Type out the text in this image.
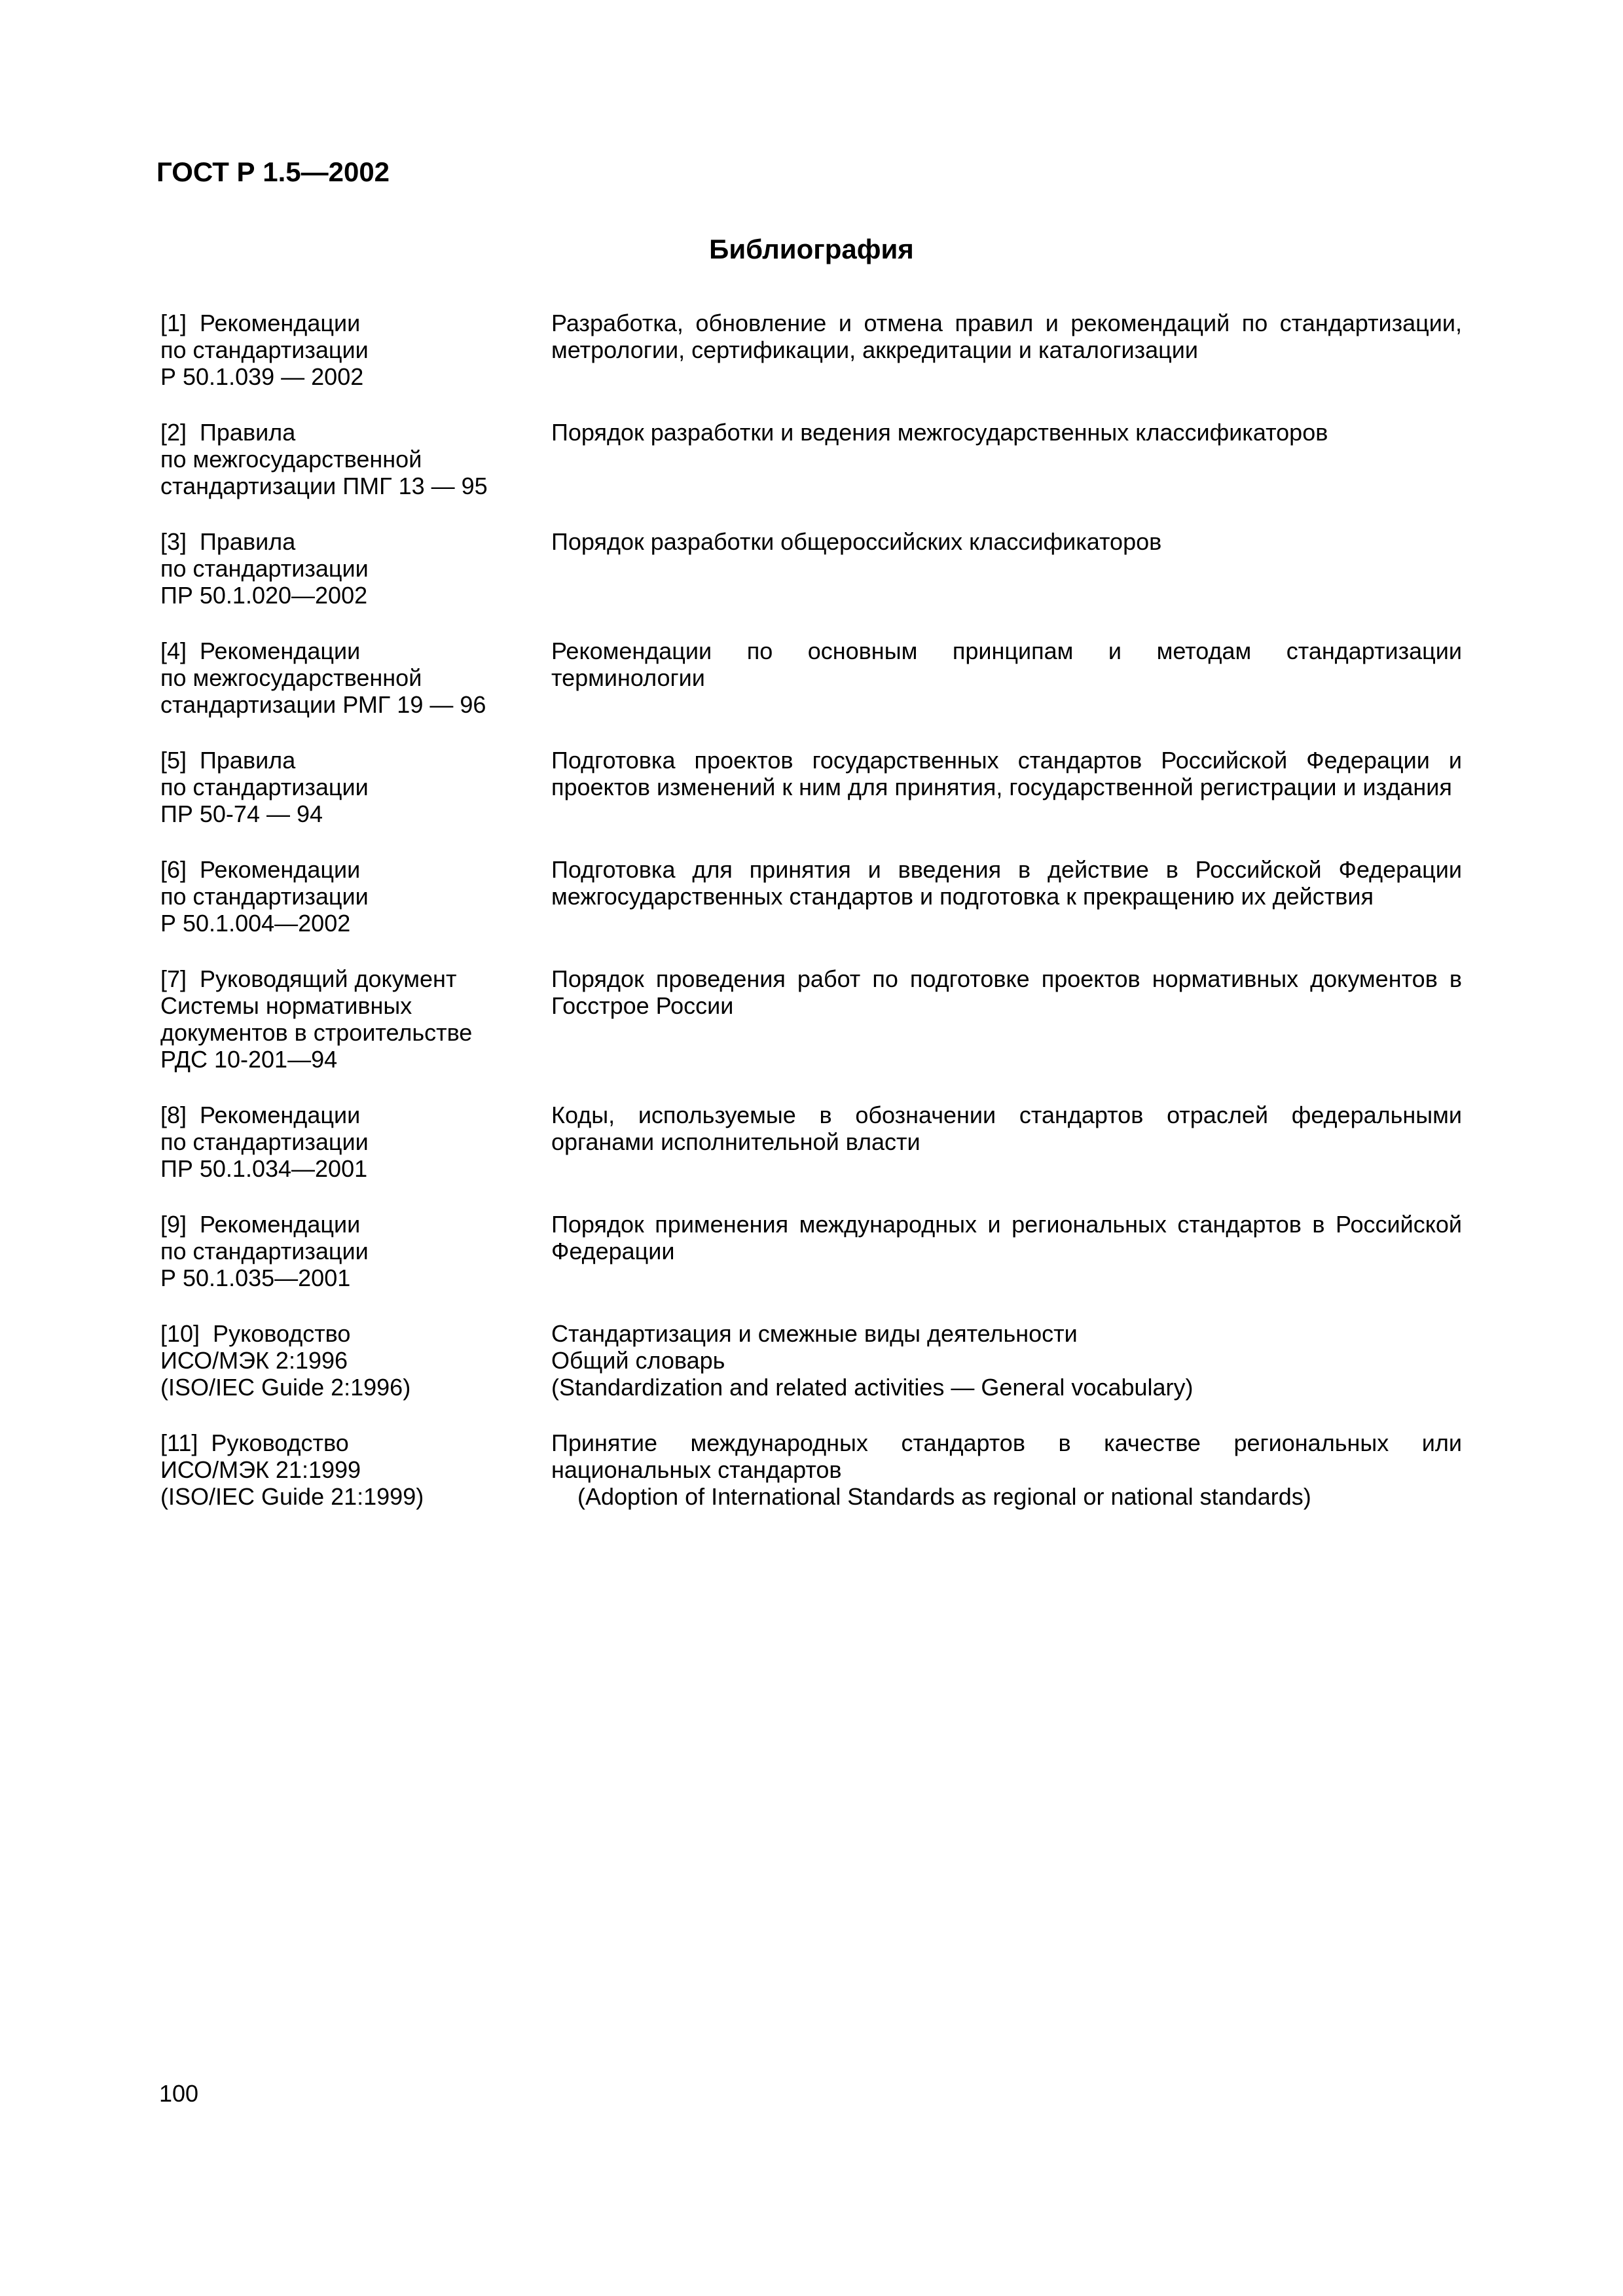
ГОСТ Р 1.5—2002
Библиография
[1]  Рекомендации
по стандартизации
Р 50.1.039 — 2002
Разработка, обновление и отмена правил и рекомендаций по стандартизации,
метрологии, сертификации, аккредитации и каталогизации
[2]  Правила
по межгосударственной
стандартизации ПМГ 13 — 95
Порядок разработки и ведения межгосударственных классификаторов
[3]  Правила
по стандартизации
ПР 50.1.020—2002
Порядок разработки общероссийских классификаторов
[4]  Рекомендации
по межгосударственной
стандартизации РМГ 19 — 96
Рекомендации по основным принципам и методам стандартизации
терминологии
[5]  Правила
по стандартизации
ПР 50-74 — 94
Подготовка проектов государственных стандартов Российской Федерации и
проектов изменений к ним для принятия, государственной регистрации и издания
[6]  Рекомендации
по стандартизации
Р 50.1.004—2002
Подготовка для принятия и введения в действие в Российской Федерации
межгосударственных стандартов и подготовка к прекращению их действия
[7]  Руководящий документ
Системы нормативных
документов в строительстве
РДС 10-201—94
Порядок проведения работ по подготовке проектов нормативных документов в
Госстрое России
[8]  Рекомендации
по стандартизации
ПР 50.1.034—2001
Коды, используемые в обозначении стандартов отраслей федеральными
органами исполнительной власти
[9]  Рекомендации
по стандартизации
Р 50.1.035—2001
Порядок применения международных и региональных стандартов в Российской
Федерации
[10]  Руководство
ИСО/МЭК 2:1996
(ISO/IEC Guide 2:1996)
Стандартизация и смежные виды деятельности
Общий словарь
(Standardization and related activities — General vocabulary)
[11]  Руководство
ИСО/МЭК 21:1999
(ISO/IEC Guide 21:1999)
Принятие международных стандартов в качестве региональных или
национальных стандартов
(Adoption of International Standards as regional or national standards)
100
